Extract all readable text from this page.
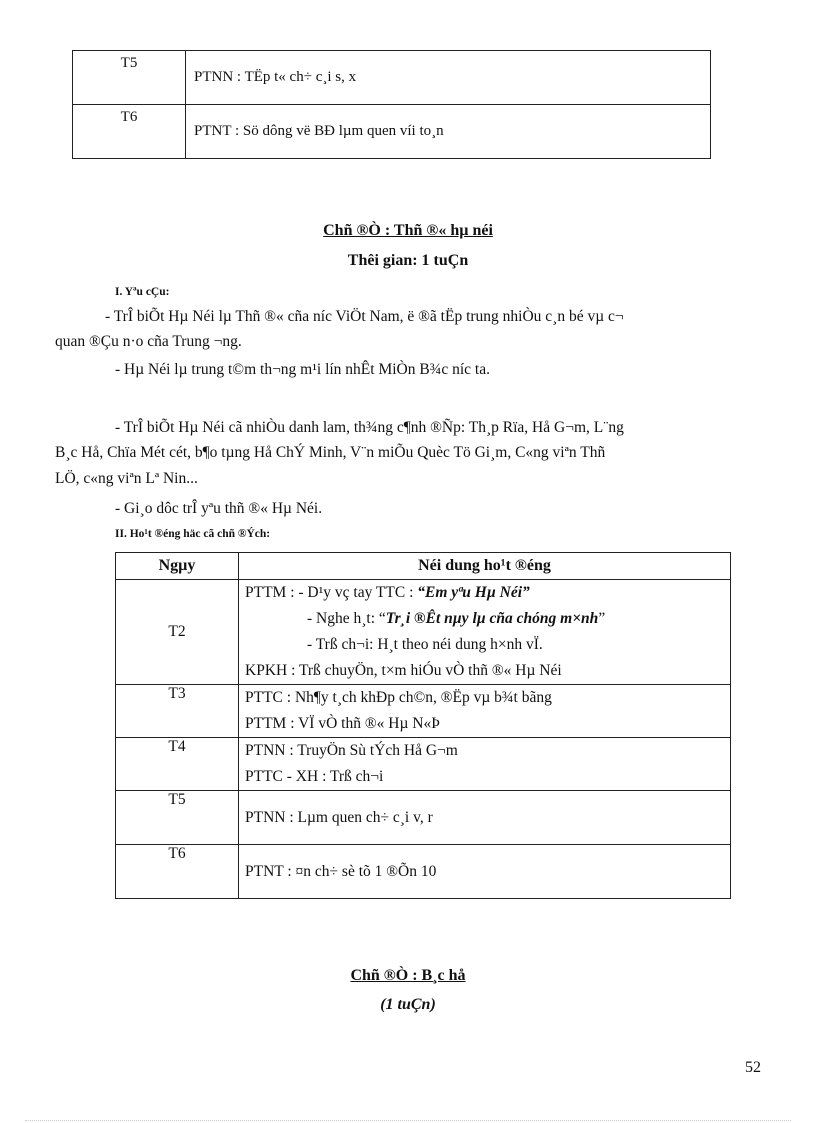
T5	PTNN : TËp t« ch÷ c¸i s, x
T6	PTNT : Sö dông vë BÐ lµm quen víi to¸n
Chñ ®Ò : Thñ ®« hµ néi
Thêi gian: 1 tuÇn
I. Yªu cÇu:
- TrÎ biÕt Hµ Néi lµ Thñ ®« cña níc ViÖt Nam, ë ®ã tËp trung nhiÒu c¸n bé vµ c¬
quan ®Çu n·o cña Trung ¬ng.
- Hµ Néi lµ trung t©m th¬ng m¹i lín nhÊt MiÒn B¾c níc ta.
- TrÎ biÕt Hµ Néi cã nhiÒu danh lam, th¾ng c¶nh ®Ñp: Th¸p Rïa, Hå G¬m, L¨ng
B¸c Hå, Chïa Mét cét, b¶o tµng Hå ChÝ Minh, V¨n miÕu Quèc Tö Gi¸m, C«ng viªn Thñ
LÖ, c«ng viªn Lª Nin...
- Gi¸o dôc trÎ yªu thñ ®« Hµ Néi.
II. Ho¹t ®éng häc cã chñ ®Ých:
Ngµy	Néi dung ho¹t ®éng
T2	PTTM : - D¹y vç tay TTC : “Em yªu Hµ Néi”
- Nghe h¸t: “Tr¸i ®Êt nµy lµ cña chóng m×nh”
- Trß ch¬i: H¸t theo néi dung h×nh vÏ.
KPKH : Trß chuyÖn, t×m hiÓu vÒ thñ ®« Hµ Néi

T3	PTTC : Nh¶y t¸ch khÐp ch©n, ®Ëp vµ b¾t bãng
PTTM : VÏ vÒ thñ ®« Hµ N«Þ

T4	PTNN : TruyÖn Sù tÝch Hå G¬m
PTTC - XH : Trß ch¬i

T5	PTNN : Lµm quen ch÷ c¸i v, r
T6	PTNT : ¤n ch÷ sè tõ 1 ®Õn 10
Chñ ®Ò : B¸c hå
(1 tuÇn)
52
